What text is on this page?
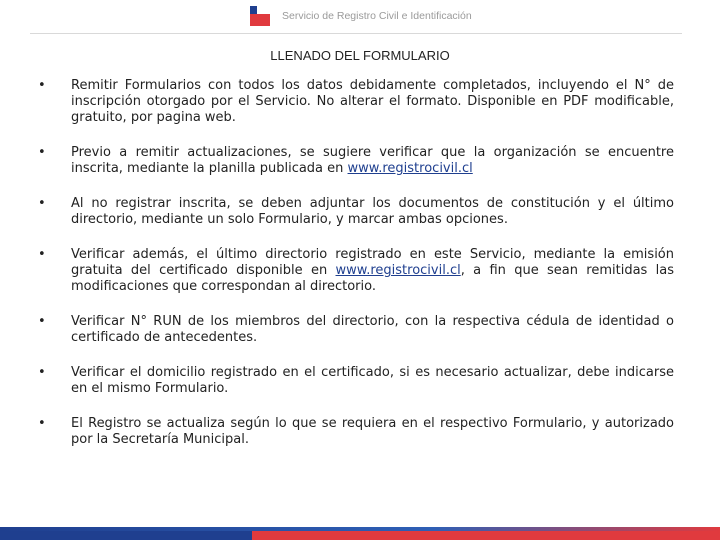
Servicio de Registro Civil e Identificación
LLENADO DEL FORMULARIO
• Remitir Formularios con todos los datos debidamente completados, incluyendo el N° de inscripción otorgado por el Servicio. No alterar el formato. Disponible en PDF modificable, gratuito, por pagina web.
• Previo a remitir actualizaciones, se sugiere verificar que la organización se encuentre inscrita, mediante la planilla publicada en www.registrocivil.cl
• Al no registrar inscrita, se deben adjuntar los documentos de constitución y el último directorio, mediante un solo Formulario, y marcar ambas opciones.
• Verificar además, el último directorio registrado en este Servicio, mediante la emisión gratuita del certificado disponible en www.registrocivil.cl, a fin que sean remitidas las modificaciones que correspondan al directorio.
• Verificar N° RUN de los miembros del directorio, con la respectiva cédula de identidad o certificado de antecedentes.
• Verificar el domicilio registrado en el certificado, si es necesario actualizar, debe indicarse en el mismo Formulario.
• El Registro se actualiza según lo que se requiera en el respectivo Formulario, y autorizado por la Secretaría Municipal.
